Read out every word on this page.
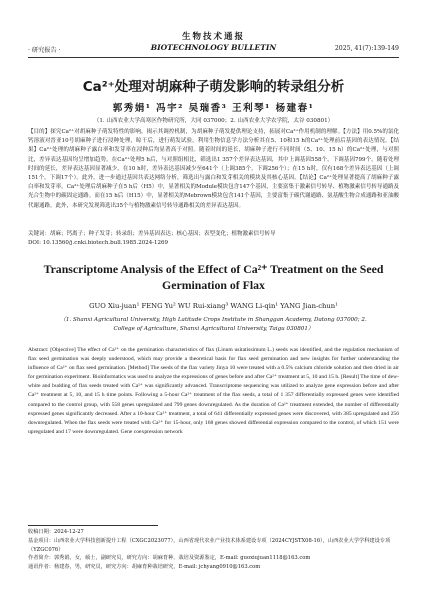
生物技术通报
· 研究报告 ·	BIOTECHNOLOGY BULLETIN	2025, 41(7):139-149
Ca²⁺处理对胡麻种子萌发影响的转录组分析
郭秀娟¹ 冯宇² 吴瑞香³ 王利琴¹ 杨建春¹
（1. 山西农业大学高寒区作物研究所，大同 037000；2. 山西农业大学农学院，太谷 030801）
【目的】探究Ca²⁺对胡麻种子萌发特性的影响，揭示其调控机制，为胡麻种子萌发提供理论支持，拓展对Ca²⁺作用机制的理解。【方法】用0.5%的氯化钙溶液对晋亚10号胡麻种子进行浸种处理，晾干后，进行萌发试验。利用生物信息学方法分析其在5、10和15 h的Ca²⁺处理前后基因的表达情况。【结果】Ca²⁺处理的胡麻种子露白率和发芽率在浸种后均显著高于对照。随着时间的延长，胡麻种子进行不同时间（5、10、15 h）的Ca²⁺处理，与对照比，差异表达基因均呈增加趋势。在Ca²⁺处理5 h后，与对照组相比，筛选出1 357个差异表达基因，其中上调基因558个，下调基因799个。随着处理时间的延长，差异表达基因显著减少。在10 h时，差异表达基因减少至641个（上调385个，下调256个）；在15 h时，仅有168个差异表达基因（上调151个，下调17个）。此外，进一步通过基因共表达网络分析，筛选出与露白和发芽相关的模块及其核心基因。【结论】Ca²⁺处理显著提高了胡麻种子露白率和发芽率，Ca²⁺处理后胡麻种子在5 h后（H5）中，显著相关的Module模块包含147个基因，主要富集于激素信号转导、植物激素信号转导通路及光合生物中的碳固定通路。而在15 h后（H15）中，显著相关的Mebrown模块包含141个基因，主要富集于碳代谢通路、氨基酸生物合成通路和亚油酸代谢通路。此外，本研究发现筛选出35个与植物激素信号转导通路相关的差异表达基因。
关键词：胡麻；钙离子；种子发芽；转录组；差异基因表达；核心基因；表型变化；植物激素信号转导
DOI: 10.13560/j.cnki.biotech.bull.1985.2024-1269
Transcriptome Analysis of the Effect of Ca²⁺ Treatment on the Seed Germination of Flax
GUO Xiu-juan¹ FENG Yu² WU Rui-xiang³ WANG Li-qin¹ YANG Jian-chun¹
（1. Shanxi Agricultural University, High Latitude Crops Institute in Shanggan Academy, Datong 037000; 2. College of Agriculture, Shanxi Agricultural University, Taigu 030801）
Abstract: [Objective] The effect of Ca²⁺ on the germination characteristics of flax (Linum usitatissimum L.) seeds was identified, and the regulation mechanism of flax seed germination was deeply understood, which may provide a theoretical basis for flax seed germination and new insights for further understanding the influence of Ca²⁺ on flax seed germination. [Method] The seeds of the flax variety Jinya 10 were treated with a 0.5% calcium chloride solution and then dried in air for germination experiment. Bioinformatics was used to analyze the expressions of genes before and after Ca²⁺ treatment at 5, 10 and 15 h. [Result] The time of dew-white and budding of flax seeds treated with Ca²⁺ was significantly advanced. Transcriptome sequencing was utilized to analyze gene expression before and after Ca²⁺ treatment at 5, 10, and 15 h time points. Following a 5-hour Ca²⁺ treatment of the flax seeds, a total of 1 357 differentially expressed genes were identified compared to the control group, with 558 genes upregulated and 799 genes downregulated. As the duration of Ca²⁺ treatment extended, the number of differentially expressed genes significantly decreased. After a 10-hour Ca²⁺ treatment, a total of 641 differentially expressed genes were discovered, with 385 upregulated and 256 downregulated. When the flax seeds were treated with Ca²⁺ for 15-hour, only 168 genes showed differential expression compared to the control, of which 151 were upregulated and 17 were downregulated. Gene coexpression network
收稿日期：2024-12-27
基金项目：山西农业大学科技创新提升工程（CXGC2023077），山西省现代农业产业技术体系建设专项（2024CYJSTX08-16），山西农业大学学科建设专项（YZGC076）
作者简介：郭秀娟，女，硕士，副研究员，研究方向：胡麻育种、栽培及资源鉴定，E-mail: guoxiujuan1118@163.com
通讯作者：杨建春，男，研究员，研究方向：胡麻育种栽培研究，E-mail: jchyang0910@163.com
